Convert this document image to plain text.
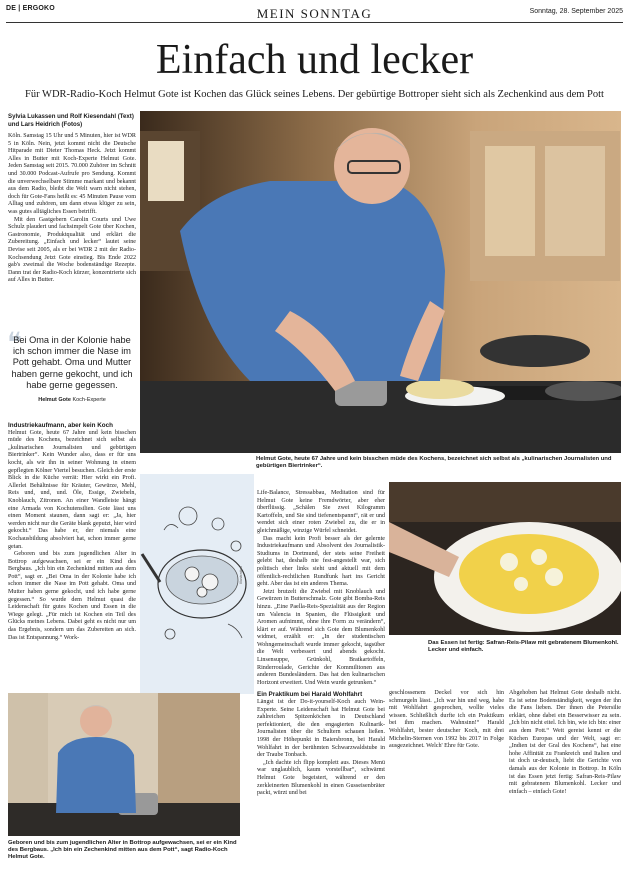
DE | ERGOKO	MEIN SONNTAG	Sonntag, 28. September 2025
Einfach und lecker
Für WDR-Radio-Koch Helmut Gote ist Kochen das Glück seines Lebens. Der gebürtige Bottroper sieht sich als Zechenkind aus dem Pott
Sylvia Lukassen und Rolf Kiesendahl (Text) und Lars Heidrich (Fotos)

Köln. Samstag 15 Uhr und 5 Minuten, hier ist WDR 5 in Köln. Nein, jetzt kommt nicht die Deutsche Hitparade mit Dieter Thomas Heck. Jetzt kommt Alles in Butter mit Koch-Experte Helmut Gote. Jeden Samstag seit 2015. 70.000 Zuhörer im Schnitt und 30.000 Podcast-Aufrufe pro Sendung. Kommt die unverwechselbare Stimme markant und bekannt aus dem Radio, bleibt die Welt warn nicht stehen, doch für Gote-Fans heißt es: 45 Minuten Pause vom Alltag und zuhören, um dann etwas klüger zu sein, was gutes alltägliches Essen betrifft.

Mit den Gastgebern Carolin Courts und Uwe Schulz plaudert und fachsimpelt Gote über Kochen, Gastronomie, Produktqualität und erklärt die Zubereitung. „Einfach und lecker“ lautet seine Devise seit 2005, als er bei WDR 2 mit der Radio-Kochsendung Jetzt Gote einstieg. Bis Ende 2022 gab's zweimal die Woche bodenständige Rezepte. Dann trat der Radio-Koch kürzer, konzentrierte sich auf Alles in Butter.

❝
Bei Oma in der Kolonie habe ich schon immer die Nase im Pott gehabt. Oma und Mutter haben gerne gekocht, und ich habe gerne gegessen.
Helmut Gote Koch-Experte
Helmut Gote, heute 67 Jahre und kein bisschen müde des Kochens, bezeichnet sich selbst als „kulinarischen Journalisten und gebürtigen Biertrinker“.
Industriekaufmann, aber kein Koch

Helmut Gote, heute 67 Jahre und kein bisschen müde des Kochens, bezeichnet sich selbst als „kulinarischen Journalisten und gebürtigen Biertrinker“. Kein Wunder also, dass er für uns kocht, als wir ihn in seiner Wohnung in einem gepflegten Kölner Viertel besuchen. Gleich der erste Blick in die Küche verrät: Hier wirkt ein Profi. Allerlei Behältnisse für Kräuter, Gewürze, Mehl, Reis und, und, und. Öle, Essige, Zwiebeln, Knoblauch, Zitronen. An einer Wandleiste hängt eine Armada von Kochutensilien. Gote lässt uns einen Moment staunen, dann sagt er: „Ja, hier werden nicht nur die Geräte blank geputzt, hier wird gekocht.“ Das habe er, der niemals eine Kochausbildung absolviert hat, schon immer gerne getan.

Geboren und bis zum jugendlichen Alter in Bottrop aufgewachsen, sei er ein Kind des Bergbaus. „Ich bin ein Zechenkind mitten aus dem Pott“, sagt er. „Bei Oma in der Kolonie habe ich schon immer die Nase im Pott gehabt. Oma und Mutter haben gerne gekocht, und ich habe gerne gegessen.“ So wurde dem Helmut quasi die Leidenschaft für gutes Kochen und Essen in die Wiege gelegt. „Für mich ist Kochen ein Teil des Glücks meines Lebens. Dabei geht es nicht nur um das Ergebnis, sondern um das Zubereiten an sich. Das ist Entspannung.“ Work-

Illustration

Life-Balance, Stressabbau, Meditation sind für Helmut Gote keine Fremdwörter, aber eher überflüssig. „Schälen Sie zwei Kilogramm Kartoffeln, und Sie sind tiefenentspannt“, rät er und wendet sich einer roten Zwiebel zu, die er in gleichmäßige, winzige Würfel schneidet.

Das macht kein Profi besser als der gelernte Industriekaufmann und Absolvent des Journalistik-Studiums in Dortmund, der stets seine Freiheit gelebt hat, deshalb nie fest-angestellt war, sich politisch eher links sieht und aktuell mit dem öffentlich-rechtlichen Rundfunk hart ins Gericht geht. Aber das ist ein anderes Thema.

Jetzt brutzelt die Zwiebel mit Knoblauch und Gewürzen in Butterschmalz. Gote gibt Bomba-Reis hinzu. „Eine Paella-Reis-Spezialität aus der Region um Valencia in Spanien, die Flüssigkeit und Aromen aufnimmt, ohne ihre Form zu verändern“, klärt er auf. Während sich Gote dem Blumenkohl widmet, erzählt er: „In der studentischen Wohngemeinschaft wurde immer gekocht, tagsüber die Welt verbessert und abends gekocht. Linsensuppe, Grünkohl, Bratkartoffeln, Rinderroulade, Gerichte der Kommilitonen aus anderen Bundesländern. Das hat den kulinarischen Horizont erweitert. Und Wein wurde getrunken.“

Ein Praktikum bei Harald Wohlfahrt

Längst ist der Do-it-yourself-Koch auch Wein-Experte. Seine Leidenschaft hat Helmut Gote bei zahlreichen Spitzenköchen in Deutschland perfektioniert, die den engagierten Kulinarik-Journalisten über die Schultern schauen ließen. 1998 der Höhepunkt in Baiersbronn, bei Harald Wohlfahrt in der berühmten Schwarzwaldstube in der Traube Tonbach.

„Ich dachte ich flipp komplett aus. Dieses Menü war unglaublich, kaum vorstellbar“, schwärmt Helmut Gote begeistert, während er den zerkleinerten Blumenkohl in einen Gusseisenbräter packt, würzt und bei

Das Essen ist fertig: Safran-Reis-Pilaw mit gebratenem Blumenkohl. Lecker und einfach.

geschlossenem Deckel vor sich hin schmurgeln lässt. „Ich war hin und weg, habe mit Wohlfahrt gesprochen, wollte vieles wissen. Schließlich durfte ich ein Praktikum bei ihm machen. Wahnsinn!“ Harald Wohlfahrt, bester deutscher Koch, mit drei Michelin-Sternen von 1992 bis 2017 in Folge ausgezeichnet. Welch' Ehre für Gote.

Abgehoben hat Helmut Gote deshalb nicht. Es ist seine Bodenständigkeit, wegen der ihn die Fans lieben. Der ihnen die Petersilie erklärt, ohne dabei ein Besserwisser zu sein. „Ich bin nicht eitel. Ich bin, wie ich bin: einer aus dem Pott.“ Weit gereist kennt er die Küchen Europas und der Welt, sagt er: „Indien ist der Gral des Kochens“, hat eine hohe Affinität zu Frankreich und Italien und ist doch ur-deutsch, liebt die Gerichte von damals aus der Kolonie in Bottrop. In Köln ist das Essen jetzt fertig: Safran-Reis-Pilaw mit gebratenem Blumenkohl. Lecker und einfach – einfach Gote!

Geboren und bis zum jugendlichen Alter in Bottrop aufgewachsen, sei er ein Kind des Bergbaus. „Ich bin ein Zechenkind mitten aus dem Pott“, sagt Radio-Koch Helmut Gote.
